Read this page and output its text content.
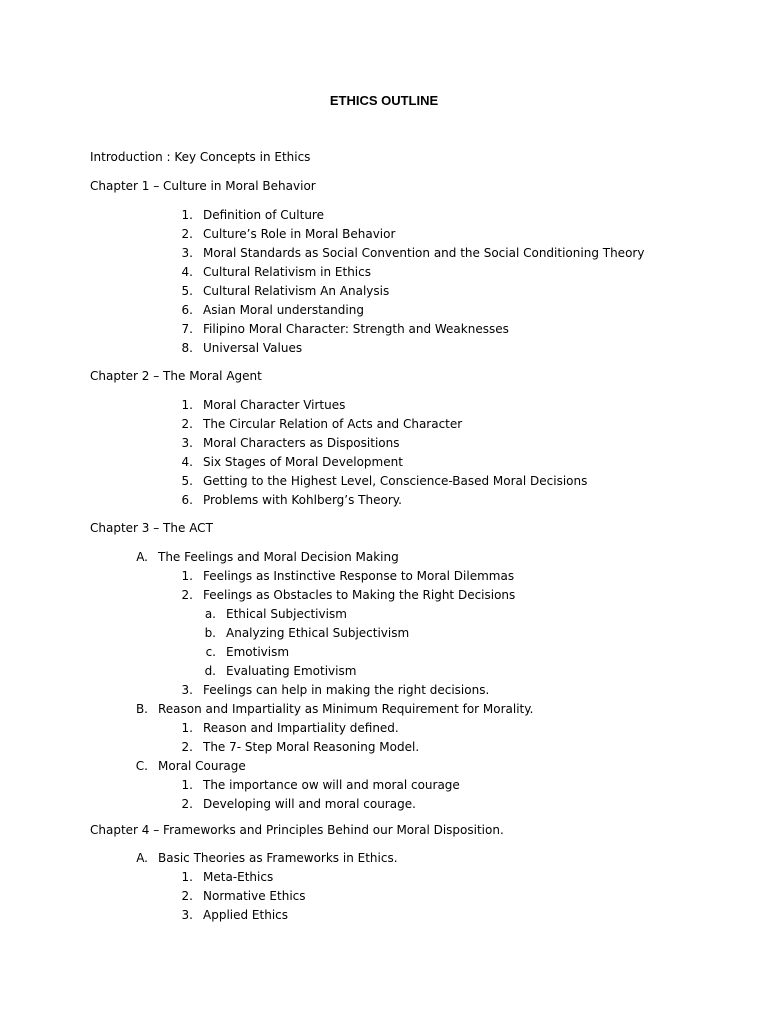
ETHICS OUTLINE
Introduction : Key Concepts in Ethics
Chapter 1 – Culture in Moral Behavior
1. Definition of Culture
2. Culture’s Role in Moral Behavior
3. Moral Standards as Social Convention and the Social Conditioning Theory
4. Cultural Relativism in Ethics
5. Cultural Relativism An Analysis
6. Asian Moral understanding
7. Filipino Moral Character: Strength and Weaknesses
8. Universal Values
Chapter 2 – The Moral Agent
1. Moral Character Virtues
2. The Circular Relation of Acts and Character
3. Moral Characters as Dispositions
4. Six Stages of Moral Development
5. Getting to the Highest Level, Conscience-Based Moral Decisions
6. Problems with Kohlberg’s Theory.
Chapter 3 – The ACT
A. The Feelings and Moral Decision Making
1. Feelings as Instinctive Response to Moral Dilemmas
2. Feelings as Obstacles to Making the Right Decisions
a. Ethical Subjectivism
b. Analyzing Ethical Subjectivism
c. Emotivism
d. Evaluating Emotivism
3. Feelings can help in making the right decisions.
B. Reason and Impartiality as Minimum Requirement for Morality.
1. Reason and Impartiality defined.
2. The 7- Step Moral Reasoning Model.
C. Moral Courage
1. The importance ow will and moral courage
2. Developing will and moral courage.
Chapter 4 – Frameworks and Principles Behind our Moral Disposition.
A. Basic Theories as Frameworks in Ethics.
1. Meta-Ethics
2. Normative Ethics
3. Applied Ethics
